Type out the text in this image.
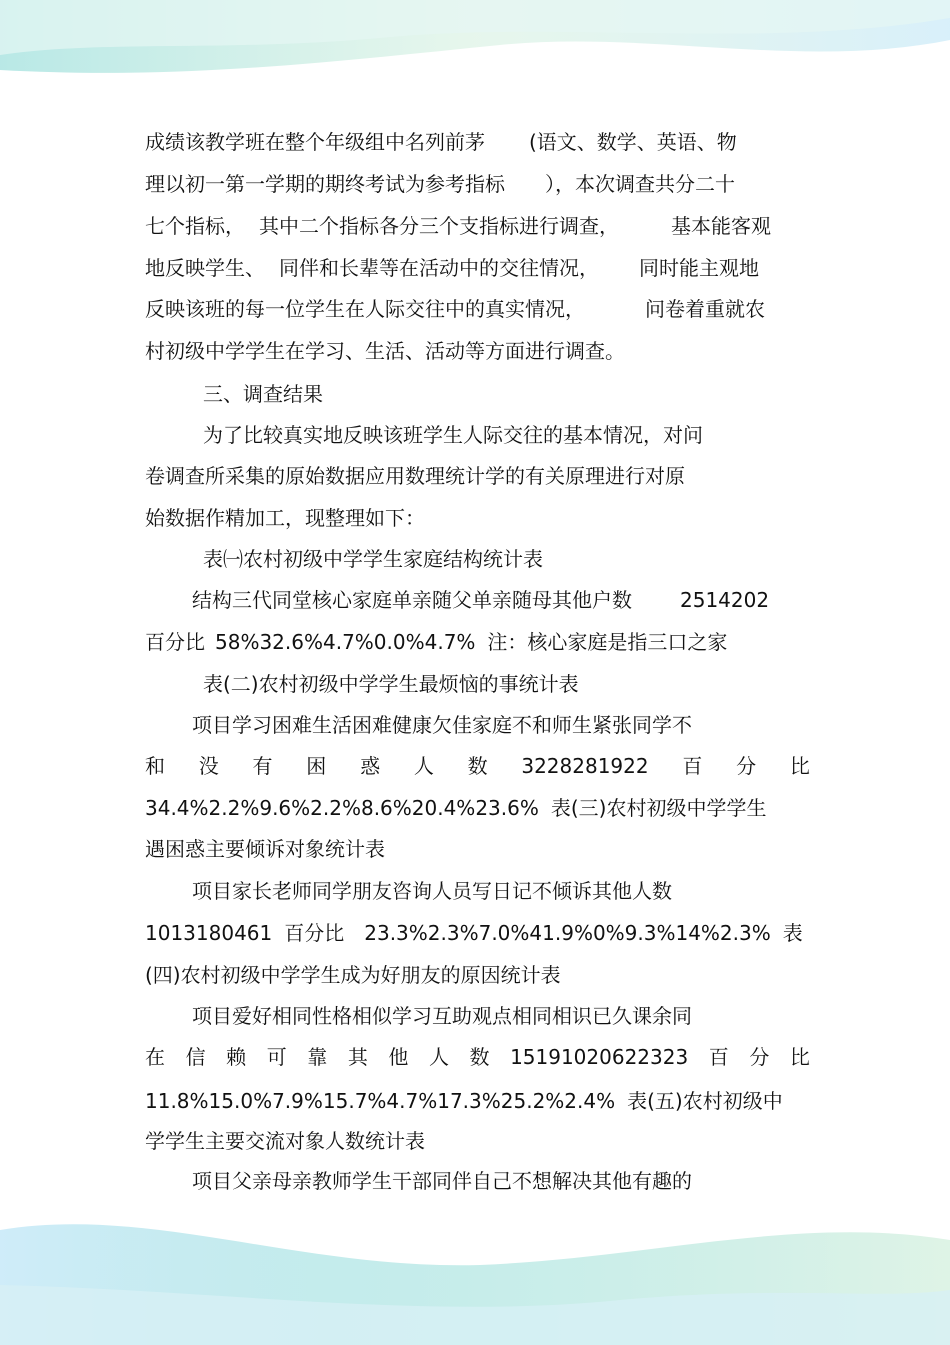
成绩该教学班在整个年级组中名列前茅 (语文、数学、英语、物
理以初一第一学期的期终考试为参考指标 ），本次调查共分二十
七个指标， 其中二个指标各分三个支指标进行调查，	基本能客观
地反映学生、 同伴和长辈等在活动中的交往情况， 同时能主观地
反映该班的每一位学生在人际交往中的真实情况，	问卷着重就农
村初级中学学生在学习、生活、活动等方面进行调查。
三、调查结果
为了比较真实地反映该班学生人际交往的基本情况，对问
卷调查所采集的原始数据应用数理统计学的有关原理进行对原
始数据作精加工，现整理如下：
表㈠农村初级中学学生家庭结构统计表
结构三代同堂核心家庭单亲随父单亲随母其他户数 2514202
百分比 58%32.6%4.7%0.0%4.7% 注：核心家庭是指三口之家
表(二)农村初级中学学生最烦恼的事统计表
项目学习困难生活困难健康欠佳家庭不和师生紧张同学不
和 没 有 困 惑 人 数 3228281922 百 分 比
34.4%2.2%9.6%2.2%8.6%20.4%23.6% 表(三)农村初级中学学生
遇困惑主要倾诉对象统计表
项目家长老师同学朋友咨询人员写日记不倾诉其他人数
1013180461 百分比 23.3%2.3%7.0%41.9%0%9.3%14%2.3% 表
(四)农村初级中学学生成为好朋友的原因统计表
项目爱好相同性格相似学习互助观点相同相识已久课余同
在 信 赖 可 靠 其 他 人 数 15191020622323 百 分 比
11.8%15.0%7.9%15.7%4.7%17.3%25.2%2.4% 表(五)农村初级中
学学生主要交流对象人数统计表
项目父亲母亲教师学生干部同伴自己不想解决其他有趣的
